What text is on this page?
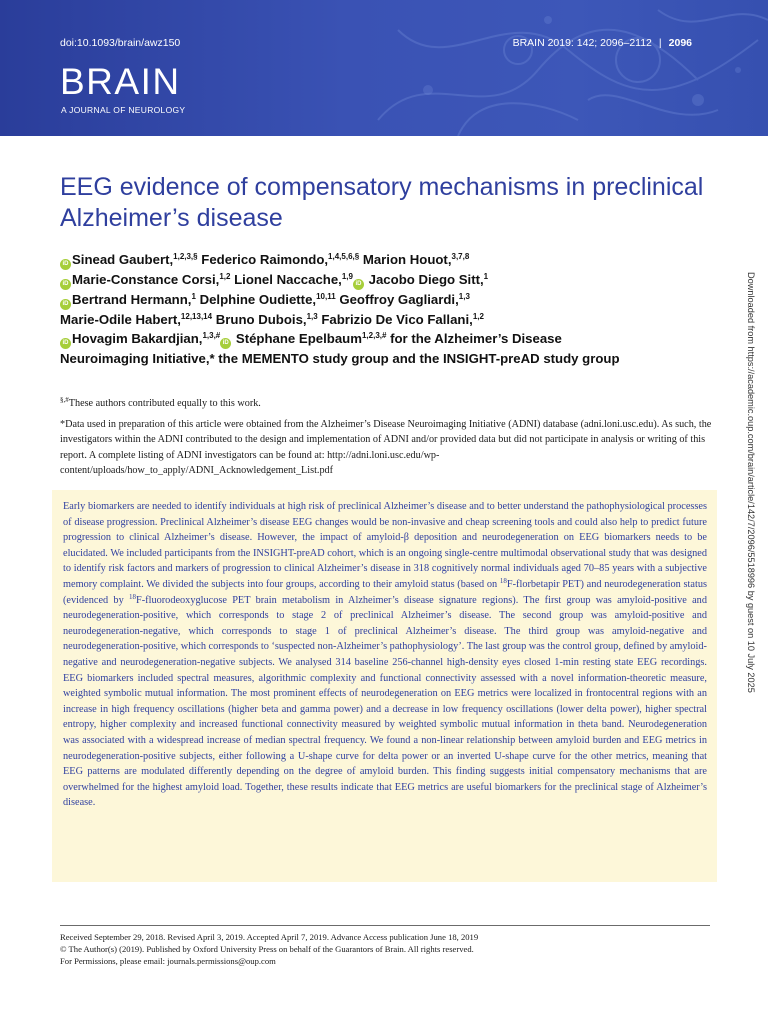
doi:10.1093/brain/awz150	BRAIN 2019: 142; 2096–2112 | 2096
BRAIN
A JOURNAL OF NEUROLOGY
EEG evidence of compensatory mechanisms in preclinical Alzheimer’s disease
iD Sinead Gaubert,$^{1,2,3,\S}$ Federico Raimondo,$^{1,4,5,6,\S}$ Marion Houot,$^{3,7,8}$
iD Marie-Constance Corsi,$^{1,2}$ Lionel Naccache,$^{1,9}$iD Jacobo Diego Sitt,$^1$
iD Bertrand Hermann,$^1$ Delphine Oudiette,$^{10,11}$ Geoffroy Gagliardi,$^{1,3}$
Marie-Odile Habert,$^{12,13,14}$ Bruno Dubois,$^{1,3}$ Fabrizio De Vico Fallani,$^{1,2}$
iD Hovagim Bakardjian,$^{1,3,\#}$iD Stéphane Epelbaum$^{1,2,3,\#}$ for the Alzheimer’s Disease
Neuroimaging Initiative,* the MEMENTO study group and the INSIGHT-preAD study group

§,#These authors contributed equally to this work.

*Data used in preparation of this article were obtained from the Alzheimer’s Disease Neuroimaging Initiative (ADNI) database (adni.loni.usc.edu). As such, the investigators within the ADNI contributed to the design and implementation of ADNI and/or provided data but did not participate in analysis or writing of this report. A complete listing of ADNI investigators can be found at: http://adni.loni.usc.edu/wp-content/uploads/how_to_apply/ADNI_Acknowledgement_List.pdf

Early biomarkers are needed to identify individuals at high risk of preclinical Alzheimer’s disease and to better understand the pathophysiological processes of disease progression. Preclinical Alzheimer’s disease EEG changes would be non-invasive and cheap screening tools and could also help to predict future progression to clinical Alzheimer’s disease. However, the impact of amyloid-β deposition and neurodegeneration on EEG biomarkers needs to be elucidated. We included participants from the INSIGHT-preAD cohort, which is an ongoing single-centre multimodal observational study that was designed to identify risk factors and markers of progression to clinical Alzheimer’s disease in 318 cognitively normal individuals aged 70–85 years with a subjective memory complaint. We divided the subjects into four groups, according to their amyloid status (based on $^{18}$F-florbetapir PET) and neurodegeneration status (evidenced by $^{18}$F-fluorodeoxyglucose PET brain metabolism in Alzheimer’s disease signature regions). The first group was amyloid-positive and neurodegeneration-positive, which corresponds to stage 2 of preclinical Alzheimer’s disease. The second group was amyloid-positive and neurodegeneration-negative, which corresponds to stage 1 of preclinical Alzheimer’s disease. The third group was amyloid-negative and neurodegeneration-positive, which corresponds to ‘suspected non-Alzheimer’s pathophysiology’. The last group was the control group, defined by amyloid-negative and neurodegeneration-negative subjects. We analysed 314 baseline 256-channel high-density eyes closed 1-min resting state EEG recordings. EEG biomarkers included spectral measures, algorithmic complexity and functional connectivity assessed with a novel information-theoretic measure, weighted symbolic mutual information. The most prominent effects of neurodegeneration on EEG metrics were localized in frontocentral regions with an increase in high frequency oscillations (higher beta and gamma power) and a decrease in low frequency oscillations (lower delta power), higher spectral entropy, higher complexity and increased functional connectivity measured by weighted symbolic mutual information in theta band. Neurodegeneration was associated with a widespread increase of median spectral frequency. We found a non-linear relationship between amyloid burden and EEG metrics in neurodegeneration-positive subjects, either following a U-shape curve for delta power or an inverted U-shape curve for the other metrics, meaning that EEG patterns are modulated differently depending on the degree of amyloid burden. This finding suggests initial compensatory mechanisms that are overwhelmed for the highest amyloid load. Together, these results indicate that EEG metrics are useful biomarkers for the preclinical stage of Alzheimer’s disease.
Received September 29, 2018. Revised April 3, 2019. Accepted April 7, 2019. Advance Access publication June 18, 2019
© The Author(s) (2019). Published by Oxford University Press on behalf of the Guarantors of Brain. All rights reserved.
For Permissions, please email: journals.permissions@oup.com
Downloaded from https://academic.oup.com/brain/article/142/7/2096/5518996 by guest on 10 July 2025
